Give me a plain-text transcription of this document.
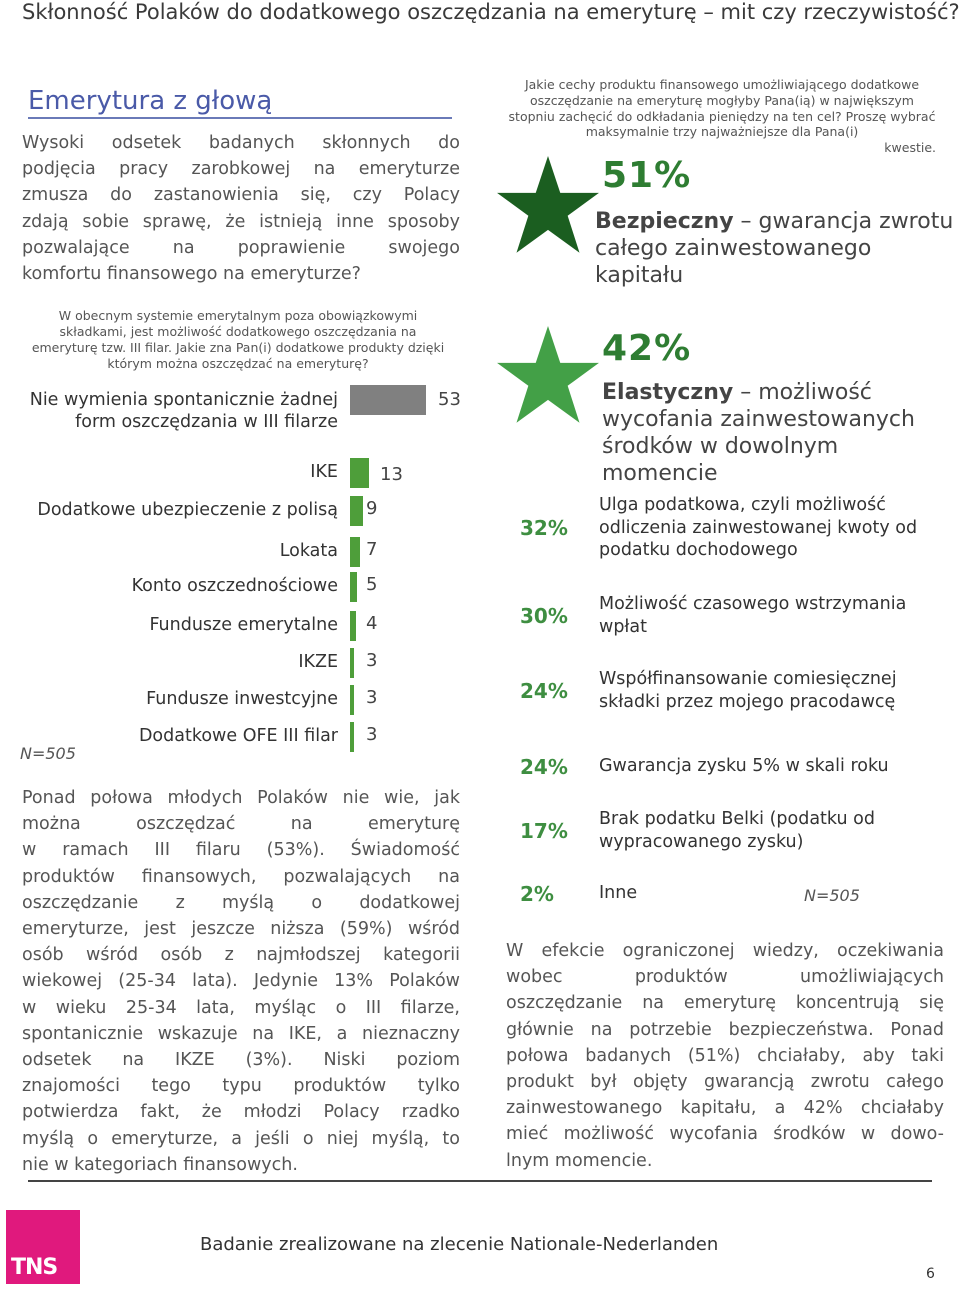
Skłonność Polaków do dodatkowego oszczędzania na emeryturę – mit czy rzeczywistość?
Emerytura z głową
Wysoki odsetek badanych skłonnych do
podjęcia pracy zarobkowej na emeryturze
zmusza do zastanowienia się, czy Polacy
zdają sobie sprawę, że istnieją inne sposoby
pozwalające na poprawienie swojego
komfortu finansowego na emeryturze?
W obecnym systemie emerytalnym poza obowiązkowymi składkami, jest możliwość dodatkowego oszczędzania na emeryturę tzw. III filar. Jakie zna Pan(i) dodatkowe produkty dzięki którym można oszczędzać na emeryturę?
Nie wymienia spontanicznie żadnej
form oszczędzania w III filarze
53
IKE 13
Dodatkowe ubezpieczenie z polisą 9
Lokata 7
Konto oszczednościowe 5
Fundusze emerytalne 4
IKZE 3
Fundusze inwestcyjne 3
Dodatkowe OFE III filar 3
N=505
Ponad połowa młodych Polaków nie wie, jak
można oszczędzać na emeryturę
w ramach III filaru (53%). Świadomość
produktów finansowych, pozwalających na
oszczędzanie z myślą o dodatkowej
emeryturze, jest jeszcze niższa (59%) wśród
osób wśród osób z najmłodszej kategorii
wiekowej (25-34 lata). Jedynie 13% Polaków
w wieku 25-34 lata, myśląc o III filarze,
spontanicznie wskazuje na IKE, a nieznaczny
odsetek na IKZE (3%). Niski poziom
znajomości tego typu produktów tylko
potwierdza fakt, że młodzi Polacy rzadko
myślą o emeryturze, a jeśli o niej myślą, to
nie w kategoriach finansowych.
Jakie cechy produktu finansowego umożliwiającego dodatkowe oszczędzanie na emeryturę mogłyby Pana(ią) w największym stopniu zachęcić do odkładania pieniędzy na ten cel? Proszę wybrać maksymalnie trzy najważniejsze dla Pana(i)
kwestie.
51%
Bezpieczny – gwarancja zwrotu całego zainwestowanego kapitału
42%
Elastyczny – możliwość wycofania zainwestowanych środków w dowolnym momencie
32%
Ulga podatkowa, czyli możliwość odliczenia zainwestowanej kwoty od podatku dochodowego
30% Możliwość czasowego wstrzymania wpłat
24% Współfinansowanie comiesięcznej składki przez mojego pracodawcę
24% Gwarancja zysku 5% w skali roku
17% Brak podatku Belki (podatku od wypracowanego zysku)
2%	Inne	N=505
W efekcie ograniczonej wiedzy, oczekiwania
wobec produktów umożliwiających
oszczędzanie na emeryturę koncentrują się
głównie na potrzebie bezpieczeństwa. Ponad
połowa badanych (51%) chciałaby, aby taki
produkt był objęty gwarancją zwrotu całego
zainwestowanego kapitału, a 42% chciałaby
mieć możliwość wycofania środków w dowo-
lnym momencie.
TNS
Badanie zrealizowane na zlecenie Nationale-Nederlanden
6
